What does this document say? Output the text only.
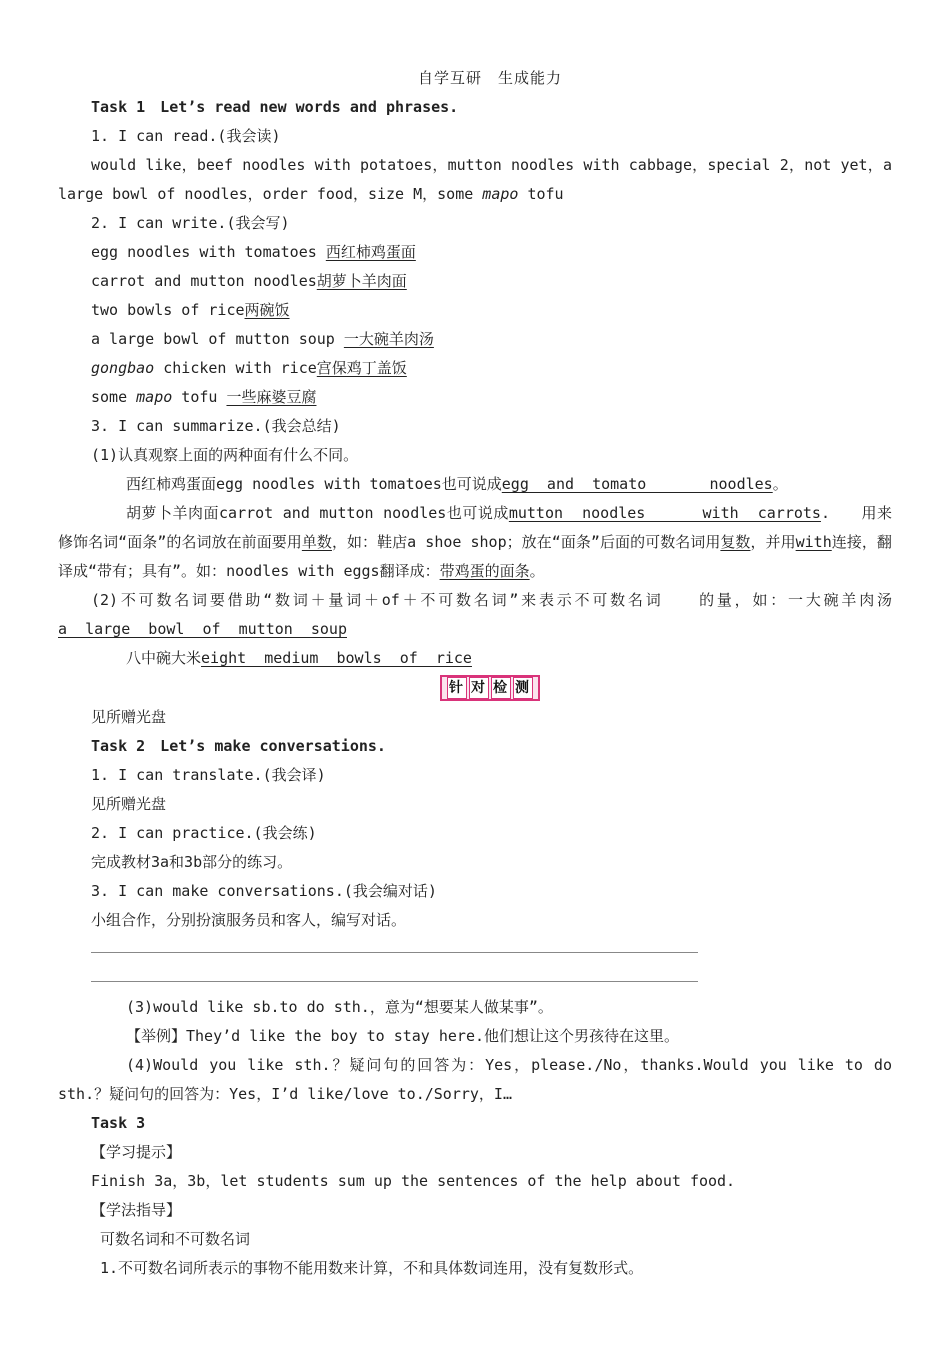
自学互研　生成能力
Task 1　Let’s read new words and phrases.
1. I can read.(我会读)
would like，beef noodles with potatoes，mutton noodles with cabbage，special 2，not yet，a large bowl of noodles，order food，size M，some mapo tofu
2. I can write.(我会写)
egg noodles with tomatoes 西红柿鸡蛋面
carrot and mutton noodles胡萝卜羊肉面
two bowls of rice两碗饭
a large bowl of mutton soup 一大碗羊肉汤
gongbao chicken with rice宫保鸡丁盖饭
some mapo tofu 一些麻婆豆腐
3. I can summarize.(我会总结)
(1)认真观察上面的两种面有什么不同。
西红柿鸡蛋面egg noodles with tomatoes也可说成egg  and  tomato       noodles。
胡萝卜羊肉面carrot and mutton noodles也可说成mutton  noodles      with  carrots.　　用来修饰名词“面条”的名词放在前面要用单数，如：鞋店a shoe shop；放在“面条”后面的可数名词用复数，并用with连接，翻译成“带有；具有”。如：noodles with eggs翻译成：带鸡蛋的面条。
(2)不可数名词要借助“数词＋量词＋of＋不可数名词”来表示不可数名词　　的量，如：一大碗羊肉汤 a  large  bowl  of  mutton  soup
八中碗大米eight  medium  bowls  of  rice
针 对 检 测
见所赠光盘
Task 2　Let’s make conversations.
1. I can translate.(我会译)
见所赠光盘
2. I can practice.(我会练)
完成教材3a和3b部分的练习。
3. I can make conversations.(我会编对话)
小组合作，分别扮演服务员和客人，编写对话。
(3)would like sb.to do sth.，意为“想要某人做某事”。
【举例】They’d like the boy to stay here.他们想让这个男孩待在这里。
(4)Would you like sth.？疑问句的回答为：Yes，please./No，thanks.Would you like to do sth.？疑问句的回答为：Yes，I’d like/love to./Sorry，I…
Task 3
【学习提示】
Finish 3a，3b，let students sum up the sentences of the help about food.
【学法指导】
可数名词和不可数名词
1.不可数名词所表示的事物不能用数来计算，不和具体数词连用，没有复数形式。
